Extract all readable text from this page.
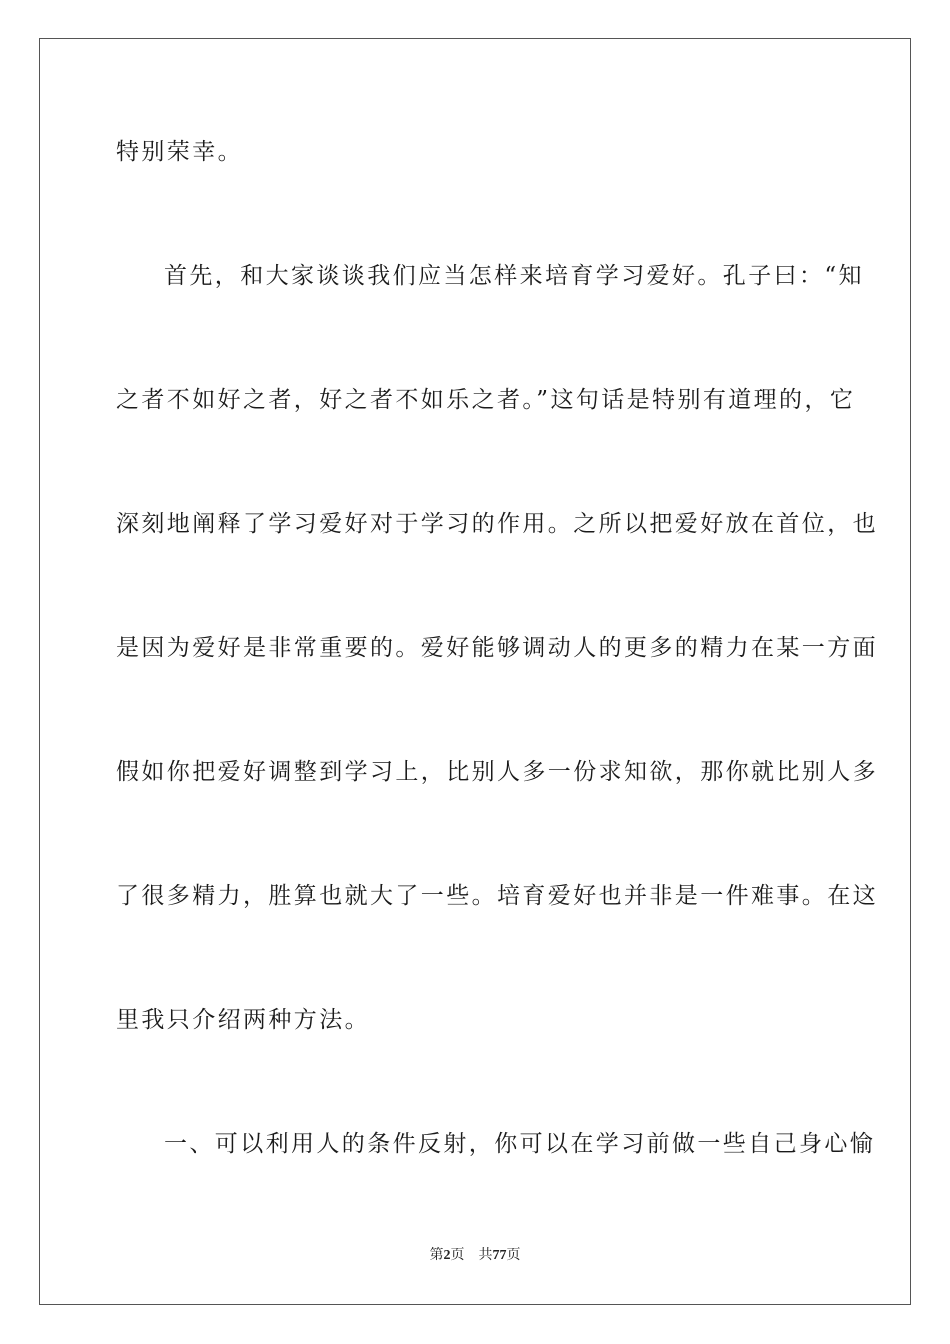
特别荣幸。
首先，和大家谈谈我们应当怎样来培育学习爱好。孔子曰：“知
之者不如好之者，好之者不如乐之者。”这句话是特别有道理的，它
深刻地阐释了学习爱好对于学习的作用。之所以把爱好放在首位，也
是因为爱好是非常重要的。爱好能够调动人的更多的精力在某一方面
假如你把爱好调整到学习上，比别人多一份求知欲，那你就比别人多
了很多精力，胜算也就大了一些。培育爱好也并非是一件难事。在这
里我只介绍两种方法。
一、可以利用人的条件反射，你可以在学习前做一些自己身心愉
第2页 共77页
